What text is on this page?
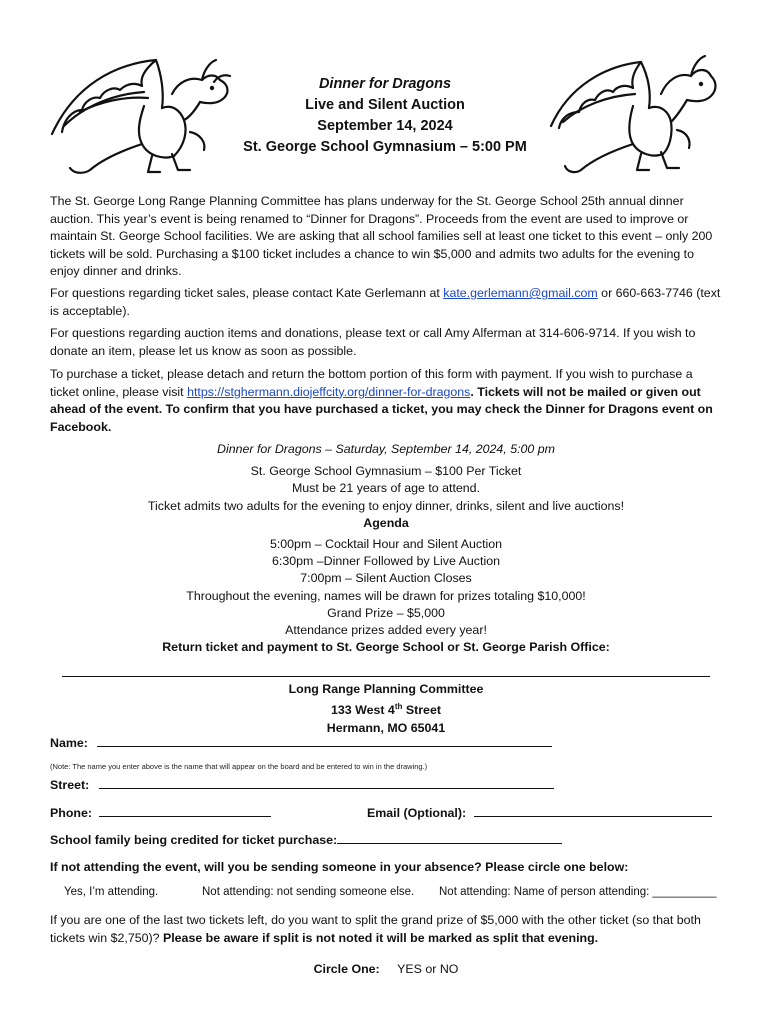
Dinner for Dragons
Live and Silent Auction
September 14, 2024
St. George School Gymnasium – 5:00 PM

The St. George Long Range Planning Committee has plans underway for the St. George School 25th annual dinner auction. This year’s event is being renamed to “Dinner for Dragons”. Proceeds from the event are used to improve or maintain St. George School facilities. We are asking that all school families sell at least one ticket to this event – only 200 tickets will be sold. Purchasing a $100 ticket includes a chance to win $5,000 and admits two adults for the evening to enjoy dinner and drinks.

For questions regarding ticket sales, please contact Kate Gerlemann at kate.gerlemann@gmail.com or 660-663-7746 (text is acceptable).

For questions regarding auction items and donations, please text or call Amy Alferman at 314-606-9714. If you wish to donate an item, please let us know as soon as possible.

To purchase a ticket, please detach and return the bottom portion of this form with payment. If you wish to purchase a ticket online, please visit https://stghermann.diojeffcity.org/dinner-for-dragons. Tickets will not be mailed or given out ahead of the event. To confirm that you have purchased a ticket, you may check the Dinner for Dragons event on Facebook.

Dinner for Dragons – Saturday, September 14, 2024, 5:00 pm
St. George School Gymnasium – $100 Per Ticket
Must be 21 years of age to attend.
Ticket admits two adults for the evening to enjoy dinner, drinks, silent and live auctions!
Agenda
5:00pm – Cocktail Hour and Silent Auction
6:30pm –Dinner Followed by Live Auction
7:00pm – Silent Auction Closes
Throughout the evening, names will be drawn for prizes totaling $10,000!
Grand Prize – $5,000
Attendance prizes added every year!
Return ticket and payment to St. George School or St. George Parish Office:
Long Range Planning Committee
133 West 4th Street
Hermann, MO 65041
Name:
(Note: The name you enter above is the name that will appear on the board and be entered to win in the drawing.)
Street:
Phone:	Email (Optional):
School family being credited for ticket purchase:
If not attending the event, will you be sending someone in your absence? Please circle one below:
Yes, I’m attending.	Not attending: not sending someone else. Not attending: Name of person attending: __________

If you are one of the last two tickets left, do you want to split the grand prize of $5,000 with the other ticket (so that both tickets win $2,750)? Please be aware if split is not noted it will be marked as split that evening.

Circle One: YES or NO
